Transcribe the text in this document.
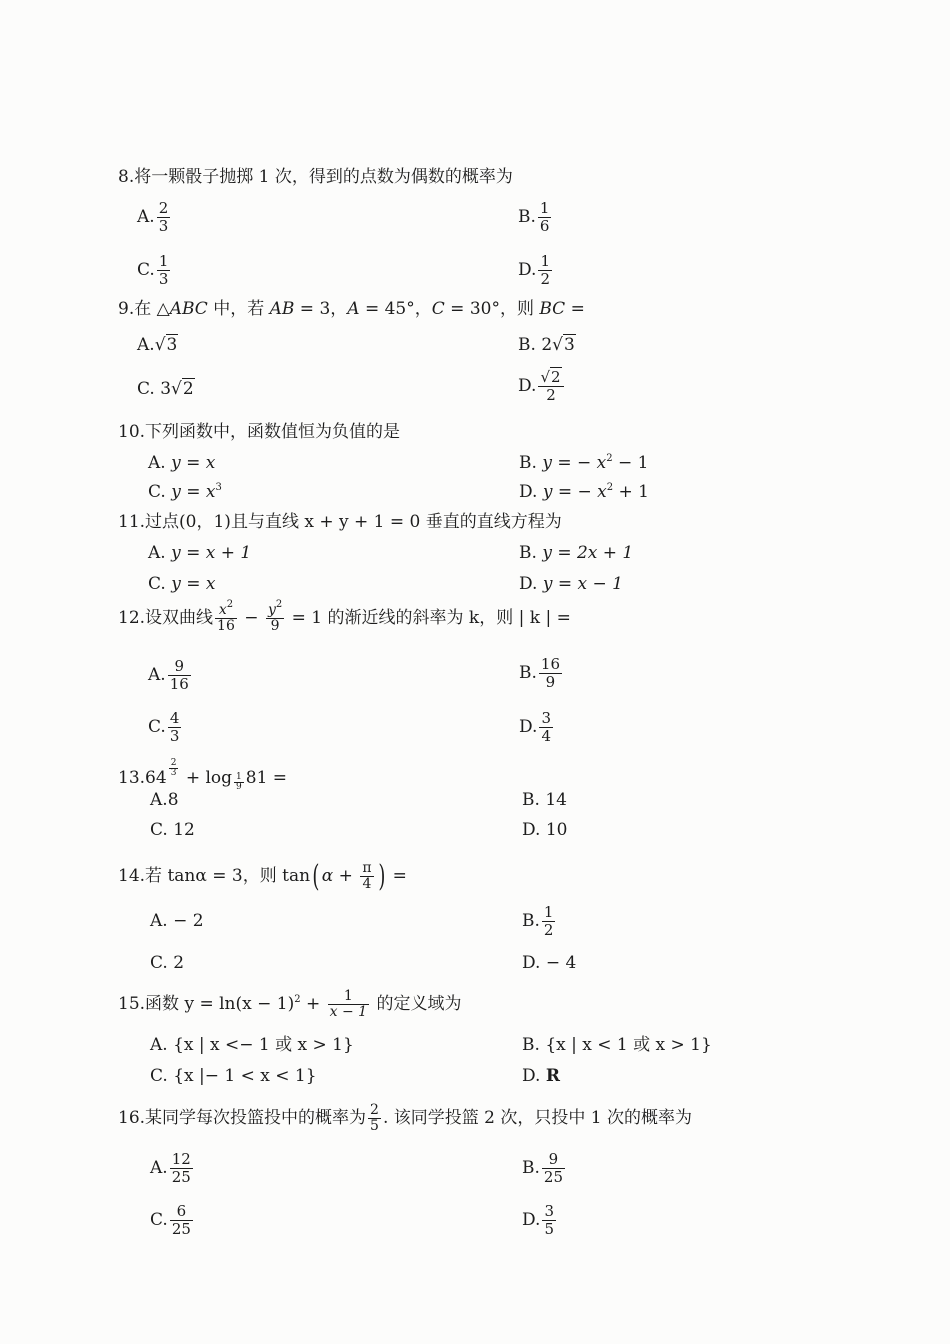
8.将一颗骰子抛掷 1 次，得到的点数为偶数的概率为
A. $\frac{2}{3}$	B. $\frac{1}{6}$
C. $\frac{1}{3}$	D. $\frac{1}{2}$
9.在 △ABC 中，若 AB = 3，A = 45°，C = 30°，则 BC =
A.√3	B. 2√3
C. 3√2	D. $\frac{√2}{2}$
10.下列函数中，函数值恒为负值的是
A. y = x	B. y = − $x^2 - 1$
C. $y = x^3$	D. y = − $x^2 + 1$
11.过点(0，1)且与直线 x + y + 1 = 0 垂直的直线方程为
A. y = x + 1	B. y = 2x + 1
C. y = x	D. y = x − 1
12.设双曲线 $\frac{x^2}{16} - \frac{y^2}{9} = 1$ 的渐近线的斜率为 k，则 | k | =
A. $\frac{9}{16}$	B. $\frac{16}{9}$
C. $\frac{4}{3}$	D. $\frac{3}{4}$
$13.64 \frac{2}{3} + \log \frac{1}{9} 81$ =
A.8	B. 14
C. 12	D. 10
14.若 tanα = 3，则 tan( $\alpha + \frac{\pi}{4}$ ) =
A. − 2	B. $\frac{1}{2}$
C. 2	D. − 4
15.函数 $y = \ln(x - 1)^2 + \frac{1}{x - 1}$ 的定义域为
A. {x | x <− 1 或 x > 1}	B. {x | x < 1 或 x > 1}
C. {x |− 1 < x < 1}	D. R
16.某同学每次投篮投中的概率为 $\frac{2}{5}$ . 该同学投篮 2 次，只投中 1 次的概率为
A. $\frac{12}{25}$	B. $\frac{9}{25}$
C. $\frac{6}{25}$	D. $\frac{3}{5}$
